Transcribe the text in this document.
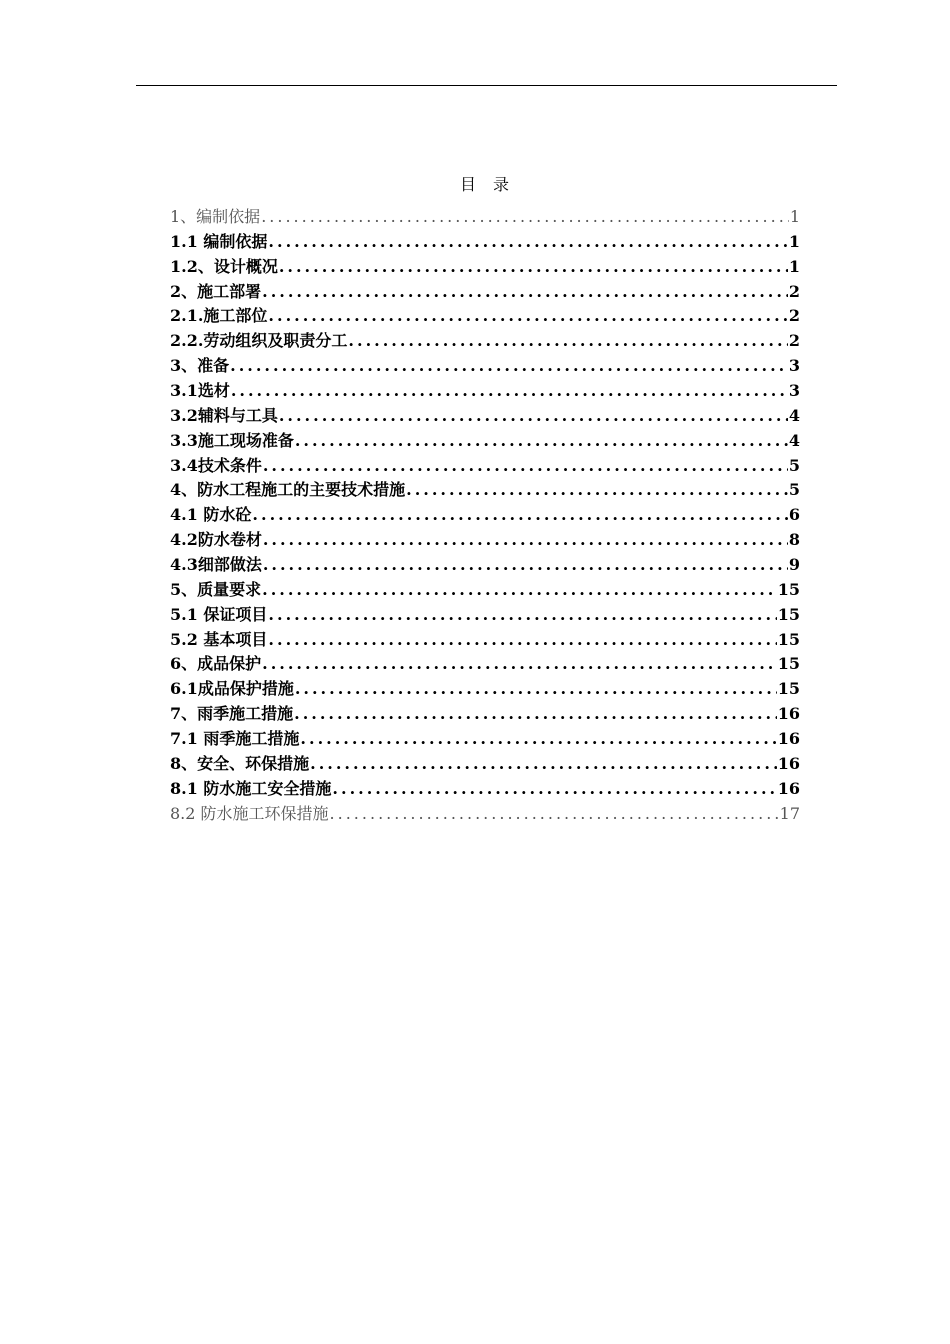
目 录
1、编制依据 .....	1
1.1 编制依据 .....	1
1.2、设计概况 .....	1
2、施工部署 .....	2
2.1.施工部位 .....	2
2.2.劳动组织及职责分工 .....	2
3、准备 .....	3
3.1选材 .....	3
3.2辅料与工具 .....	4
3.3施工现场准备 .....	4
3.4技术条件 .....	5
4、防水工程施工的主要技术措施 .....	5
4.1 防水砼 .....	6
4.2防水卷材 .....	8
4.3细部做法 .....	9
5、质量要求 .....	15
5.1 保证项目 .....	15
5.2 基本项目 .....	15
6、成品保护 .....	15
6.1成品保护措施 .....	15
7、雨季施工措施 .....	16
7.1 雨季施工措施 .....	16
8、安全、环保措施 .....	16
8.1 防水施工安全措施 .....	16
8.2 防水施工环保措施 .....	17
